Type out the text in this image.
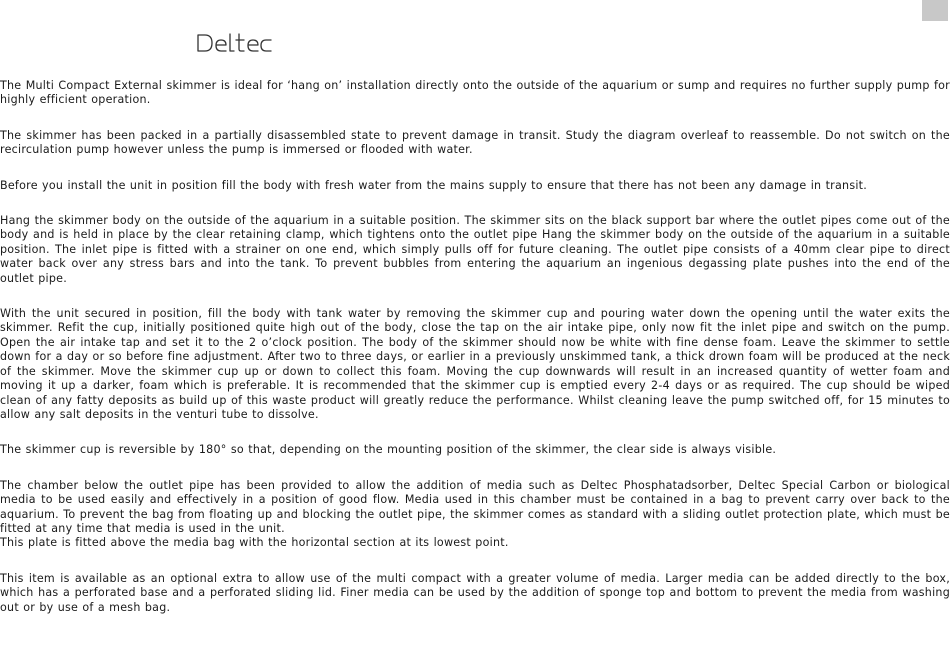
The Multi Compact External skimmer is ideal for ‘hang on’ installation directly onto the outside of the aquarium or sump and requires no further supply pump for highly efficient operation.

The skimmer has been packed in a partially disassembled state to prevent damage in transit. Study the diagram overleaf to reassemble. Do not switch on the recirculation pump however unless the pump is immersed or flooded with water.

Before you install the unit in position fill the body with fresh water from the mains supply to ensure that there has not been any damage in transit.

Hang the skimmer body on the outside of the aquarium in a suitable position. The skimmer sits on the black support bar where the outlet pipes come out of the body and is held in place by the clear retaining clamp, which tightens onto the outlet pipe Hang the skimmer body on the outside of the aquarium in a suitable position. The inlet pipe is fitted with a strainer on one end, which simply pulls off for future cleaning. The outlet pipe consists of a 40mm clear pipe to direct water back over any stress bars and into the tank. To prevent bubbles from entering the aquarium an ingenious degassing plate pushes into the end of the outlet pipe.

With the unit secured in position, fill the body with tank water by removing the skimmer cup and pouring water down the opening until the water exits the skimmer. Refit the cup, initially positioned quite high out of the body, close the tap on the air intake pipe, only now fit the inlet pipe and switch on the pump. Open the air intake tap and set it to the 2 o’clock position. The body of the skimmer should now be white with fine dense foam. Leave the skimmer to settle down for a day or so before fine adjustment. After two to three days, or earlier in a previously unskimmed tank, a thick drown foam will be produced at the neck of the skimmer. Move the skimmer cup up or down to collect this foam. Moving the cup downwards will result in an increased quantity of wetter foam and moving it up a darker, foam which is preferable. It is recommended that the skimmer cup is emptied every 2-4 days or as required. The cup should be wiped clean of any fatty deposits as build up of this waste product will greatly reduce the performance. Whilst cleaning leave the pump switched off, for 15 minutes to allow any salt deposits in the venturi tube to dissolve.

The skimmer cup is reversible by 180° so that, depending on the mounting position of the skimmer, the clear side is always visible.

The chamber below the outlet pipe has been provided to allow the addition of media such as Deltec Phosphatadsorber, Deltec Special Carbon or biological media to be used easily and effectively in a position of good flow. Media used in this chamber must be contained in a bag to prevent carry over back to the aquarium. To prevent the bag from floating up and blocking the outlet pipe, the skimmer comes as standard with a sliding outlet protection plate, which must be fitted at any time that media is used in the unit.

This plate is fitted above the media bag with the horizontal section at its lowest point.

This item is available as an optional extra to allow use of the multi compact with a greater volume of media. Larger media can be added directly to the box, which has a perforated base and a perforated sliding lid. Finer media can be used by the addition of sponge top and bottom to prevent the media from washing out or by use of a mesh bag.
